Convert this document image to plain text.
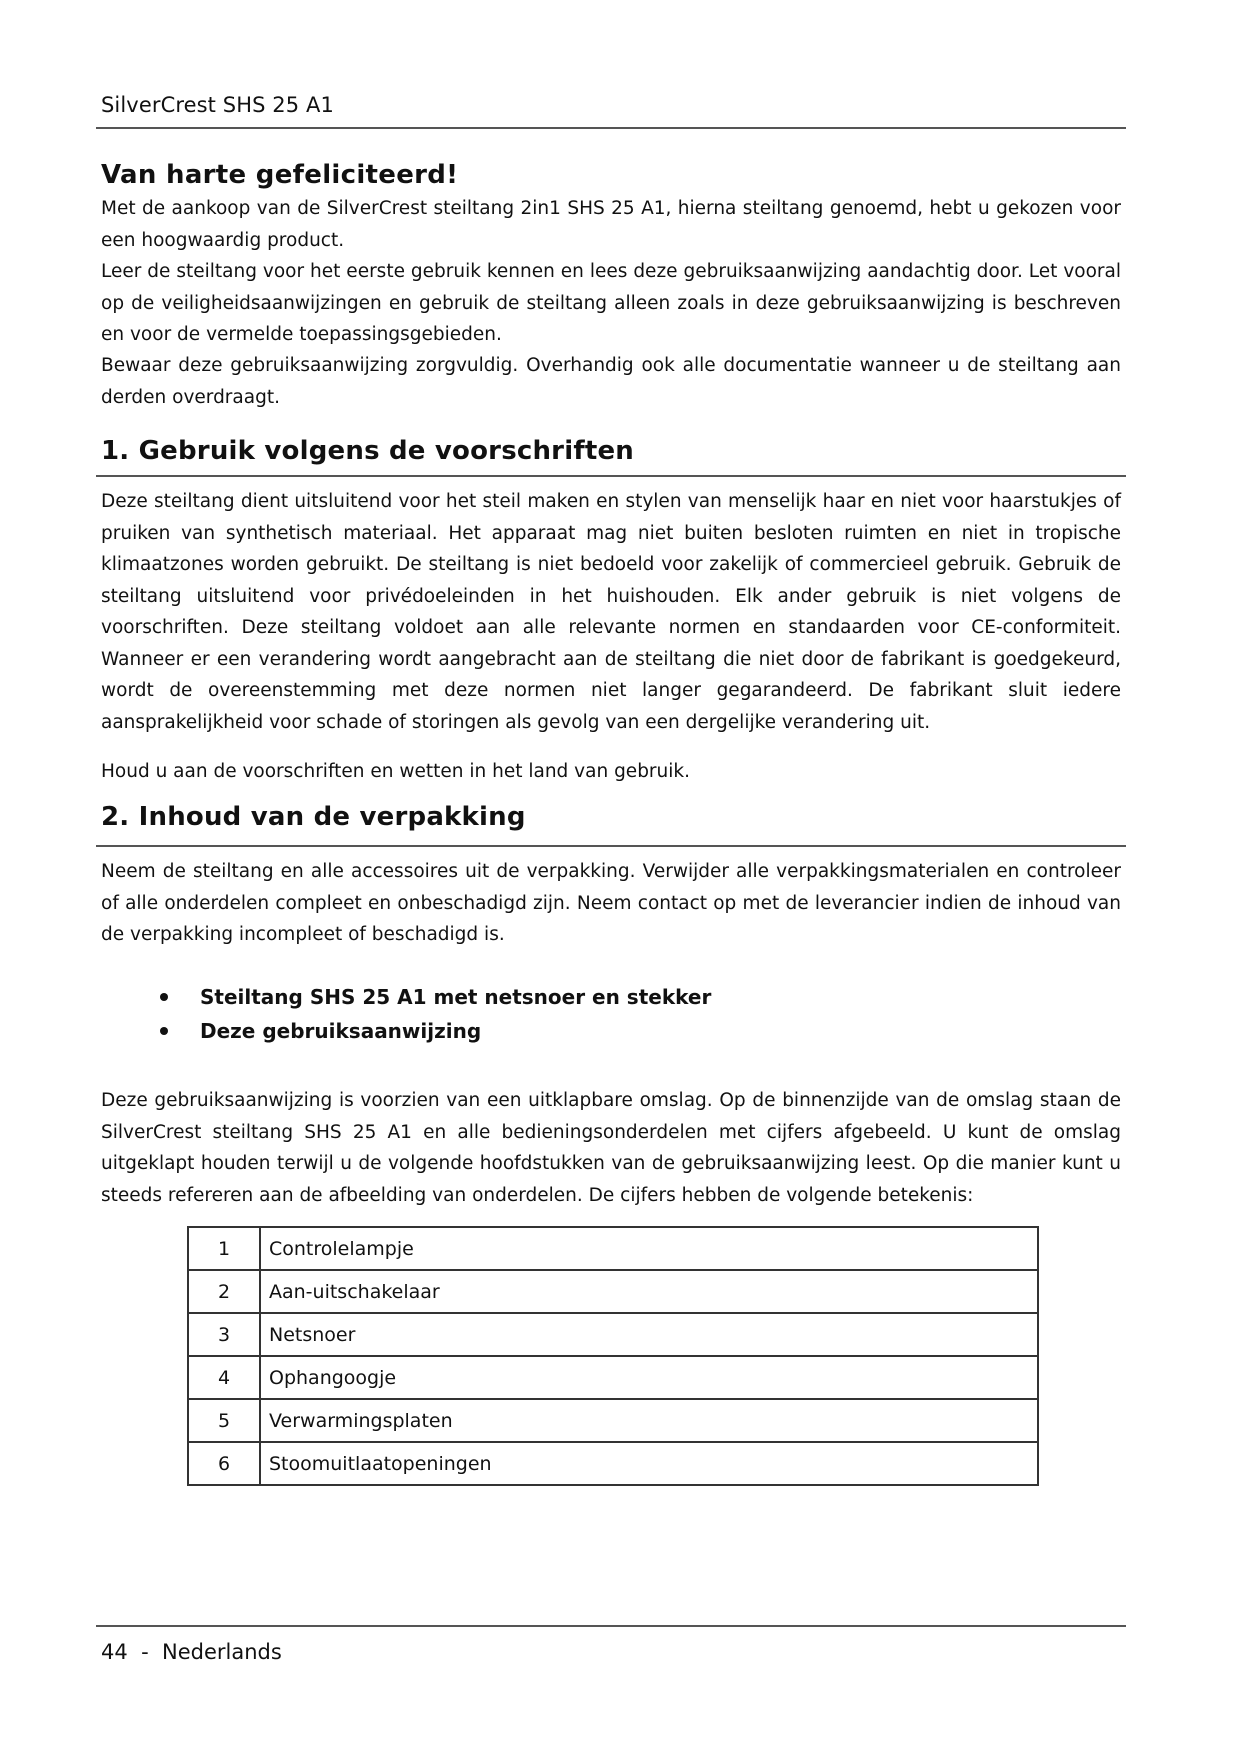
SilverCrest SHS 25 A1
Van harte gefeliciteerd!

Met de aankoop van de SilverCrest steiltang 2in1 SHS 25 A1, hierna steiltang genoemd, hebt u gekozen voor een hoogwaardig product.

Leer de steiltang voor het eerste gebruik kennen en lees deze gebruiksaanwijzing aandachtig door. Let vooral op de veiligheidsaanwijzingen en gebruik de steiltang alleen zoals in deze gebruiksaanwijzing is beschreven en voor de vermelde toepassingsgebieden.

Bewaar deze gebruiksaanwijzing zorgvuldig. Overhandig ook alle documentatie wanneer u de steiltang aan derden overdraagt.

1. Gebruik volgens de voorschriften

Deze steiltang dient uitsluitend voor het steil maken en stylen van menselijk haar en niet voor haarstukjes of pruiken van synthetisch materiaal. Het apparaat mag niet buiten besloten ruimten en niet in tropische klimaatzones worden gebruikt. De steiltang is niet bedoeld voor zakelijk of commercieel gebruik. Gebruik de steiltang uitsluitend voor privédoeleinden in het huishouden. Elk ander gebruik is niet volgens de voorschriften. Deze steiltang voldoet aan alle relevante normen en standaarden voor CE-conformiteit. Wanneer er een verandering wordt aangebracht aan de steiltang die niet door de fabrikant is goedgekeurd, wordt de overeenstemming met deze normen niet langer gegarandeerd. De fabrikant sluit iedere aansprakelijkheid voor schade of storingen als gevolg van een dergelijke verandering uit.

Houd u aan de voorschriften en wetten in het land van gebruik.

2. Inhoud van de verpakking

Neem de steiltang en alle accessoires uit de verpakking. Verwijder alle verpakkingsmaterialen en controleer of alle onderdelen compleet en onbeschadigd zijn. Neem contact op met de leverancier indien de inhoud van de verpakking incompleet of beschadigd is.

Steiltang SHS 25 A1 met netsnoer en stekker
Deze gebruiksaanwijzing

Deze gebruiksaanwijzing is voorzien van een uitklapbare omslag. Op de binnenzijde van de omslag staan de SilverCrest steiltang SHS 25 A1 en alle bedieningsonderdelen met cijfers afgebeeld. U kunt de omslag uitgeklapt houden terwijl u de volgende hoofdstukken van de gebruiksaanwijzing leest. Op die manier kunt u steeds refereren aan de afbeelding van onderdelen. De cijfers hebben de volgende betekenis:

1	Controlelampje
2	Aan-uitschakelaar
3	Netsnoer
4	Ophangoogje
5	Verwarmingsplaten
6	Stoomuitlaatopeningen
44 - Nederlands
